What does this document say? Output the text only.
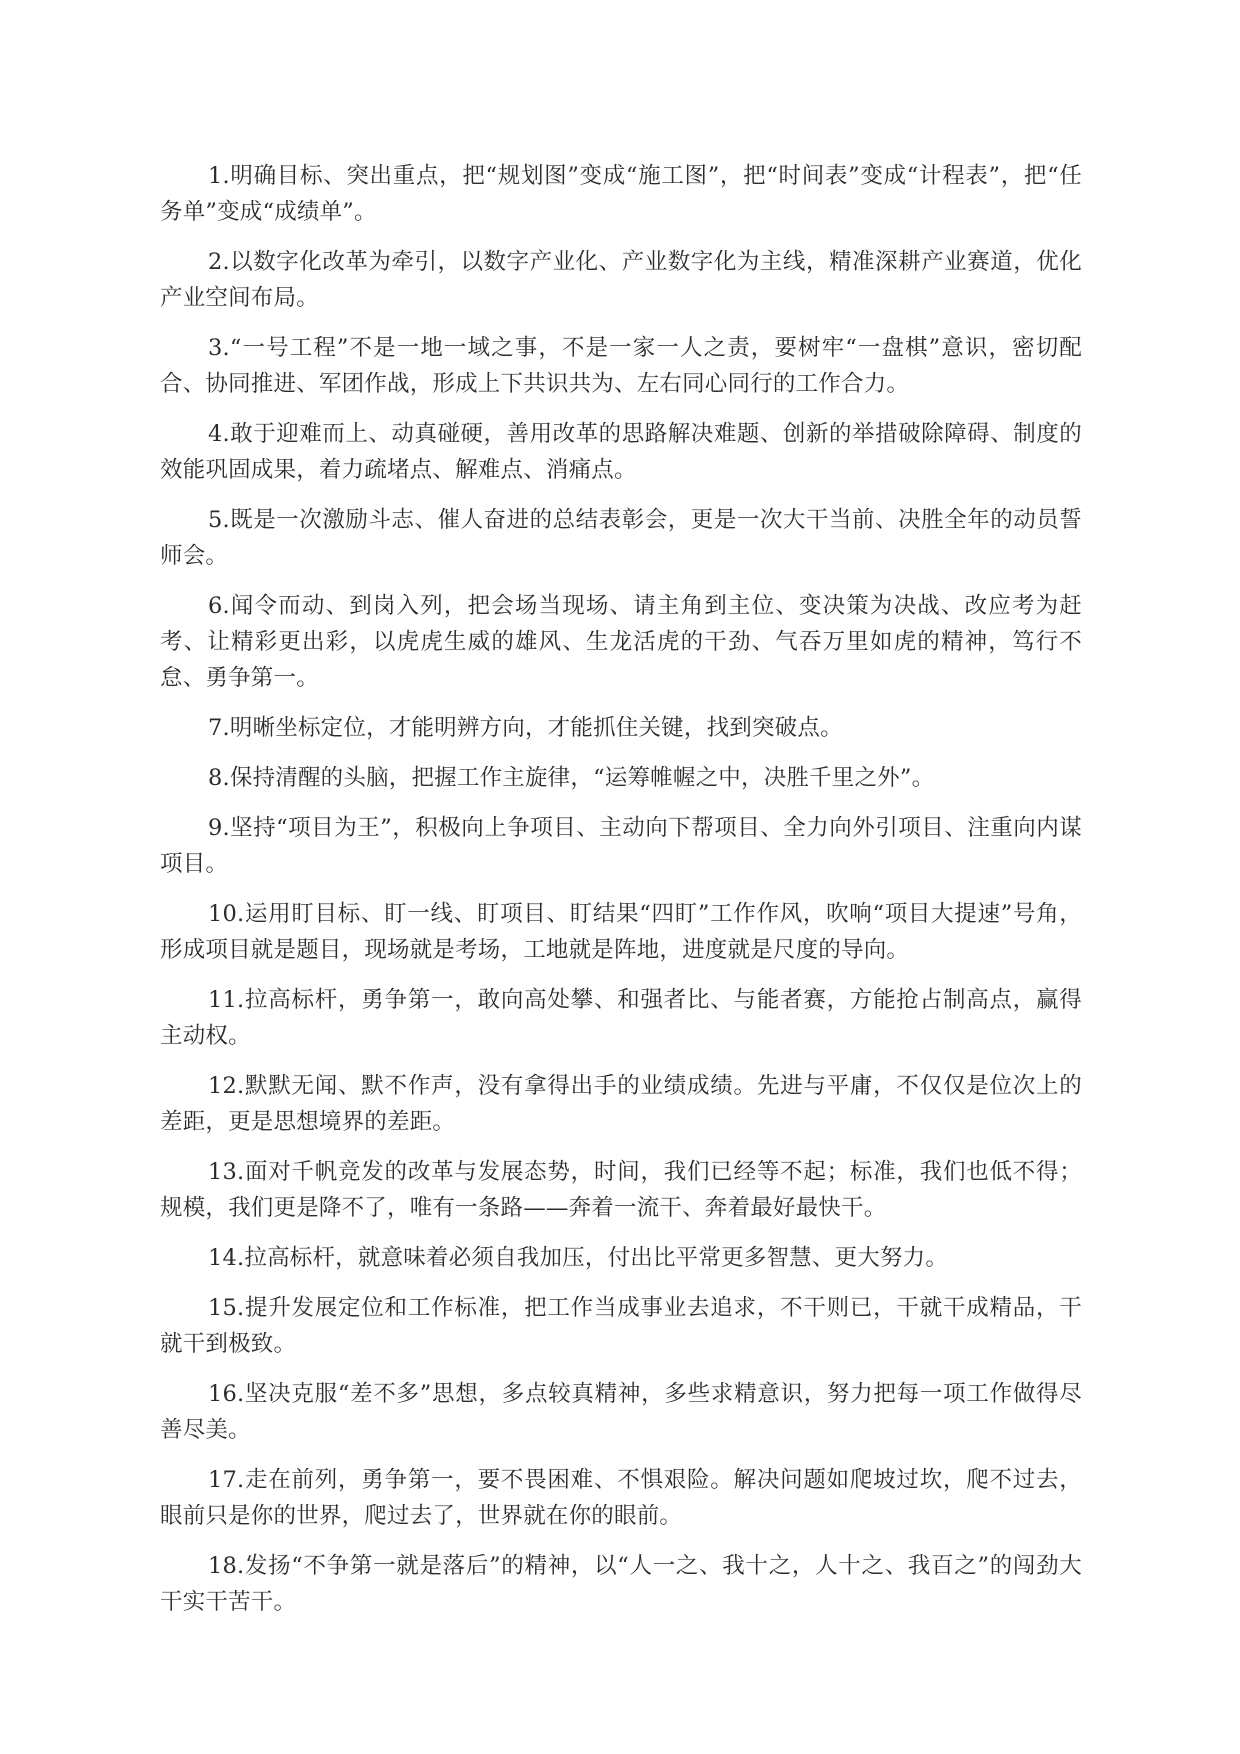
1.明确目标、突出重点，把“规划图”变成“施工图”，把“时间表”变成“计程表”，把“任务单”变成“成绩单”。

2.以数字化改革为牵引，以数字产业化、产业数字化为主线，精准深耕产业赛道，优化产业空间布局。

3.“一号工程”不是一地一域之事，不是一家一人之责，要树牢“一盘棋”意识，密切配合、协同推进、军团作战，形成上下共识共为、左右同心同行的工作合力。

4.敢于迎难而上、动真碰硬，善用改革的思路解决难题、创新的举措破除障碍、制度的效能巩固成果，着力疏堵点、解难点、消痛点。

5.既是一次激励斗志、催人奋进的总结表彰会，更是一次大干当前、决胜全年的动员誓师会。

6.闻令而动、到岗入列，把会场当现场、请主角到主位、变决策为决战、改应考为赶考、让精彩更出彩，以虎虎生威的雄风、生龙活虎的干劲、气吞万里如虎的精神，笃行不怠、勇争第一。

7.明晰坐标定位，才能明辨方向，才能抓住关键，找到突破点。

8.保持清醒的头脑，把握工作主旋律，“运筹帷幄之中，决胜千里之外”。

9.坚持“项目为王”，积极向上争项目、主动向下帮项目、全力向外引项目、注重向内谋项目。

10.运用盯目标、盯一线、盯项目、盯结果“四盯”工作作风，吹响“项目大提速”号角，形成项目就是题目，现场就是考场，工地就是阵地，进度就是尺度的导向。

11.拉高标杆，勇争第一，敢向高处攀、和强者比、与能者赛，方能抢占制高点，赢得主动权。

12.默默无闻、默不作声，没有拿得出手的业绩成绩。先进与平庸，不仅仅是位次上的差距，更是思想境界的差距。

13.面对千帆竞发的改革与发展态势，时间，我们已经等不起；标准，我们也低不得；规模，我们更是降不了，唯有一条路——奔着一流干、奔着最好最快干。

14.拉高标杆，就意味着必须自我加压，付出比平常更多智慧、更大努力。

15.提升发展定位和工作标准，把工作当成事业去追求，不干则已，干就干成精品，干就干到极致。

16.坚决克服“差不多”思想，多点较真精神，多些求精意识，努力把每一项工作做得尽善尽美。

17.走在前列，勇争第一，要不畏困难、不惧艰险。解决问题如爬坡过坎，爬不过去，眼前只是你的世界，爬过去了，世界就在你的眼前。

18.发扬“不争第一就是落后”的精神，以“人一之、我十之，人十之、我百之”的闯劲大干实干苦干。
